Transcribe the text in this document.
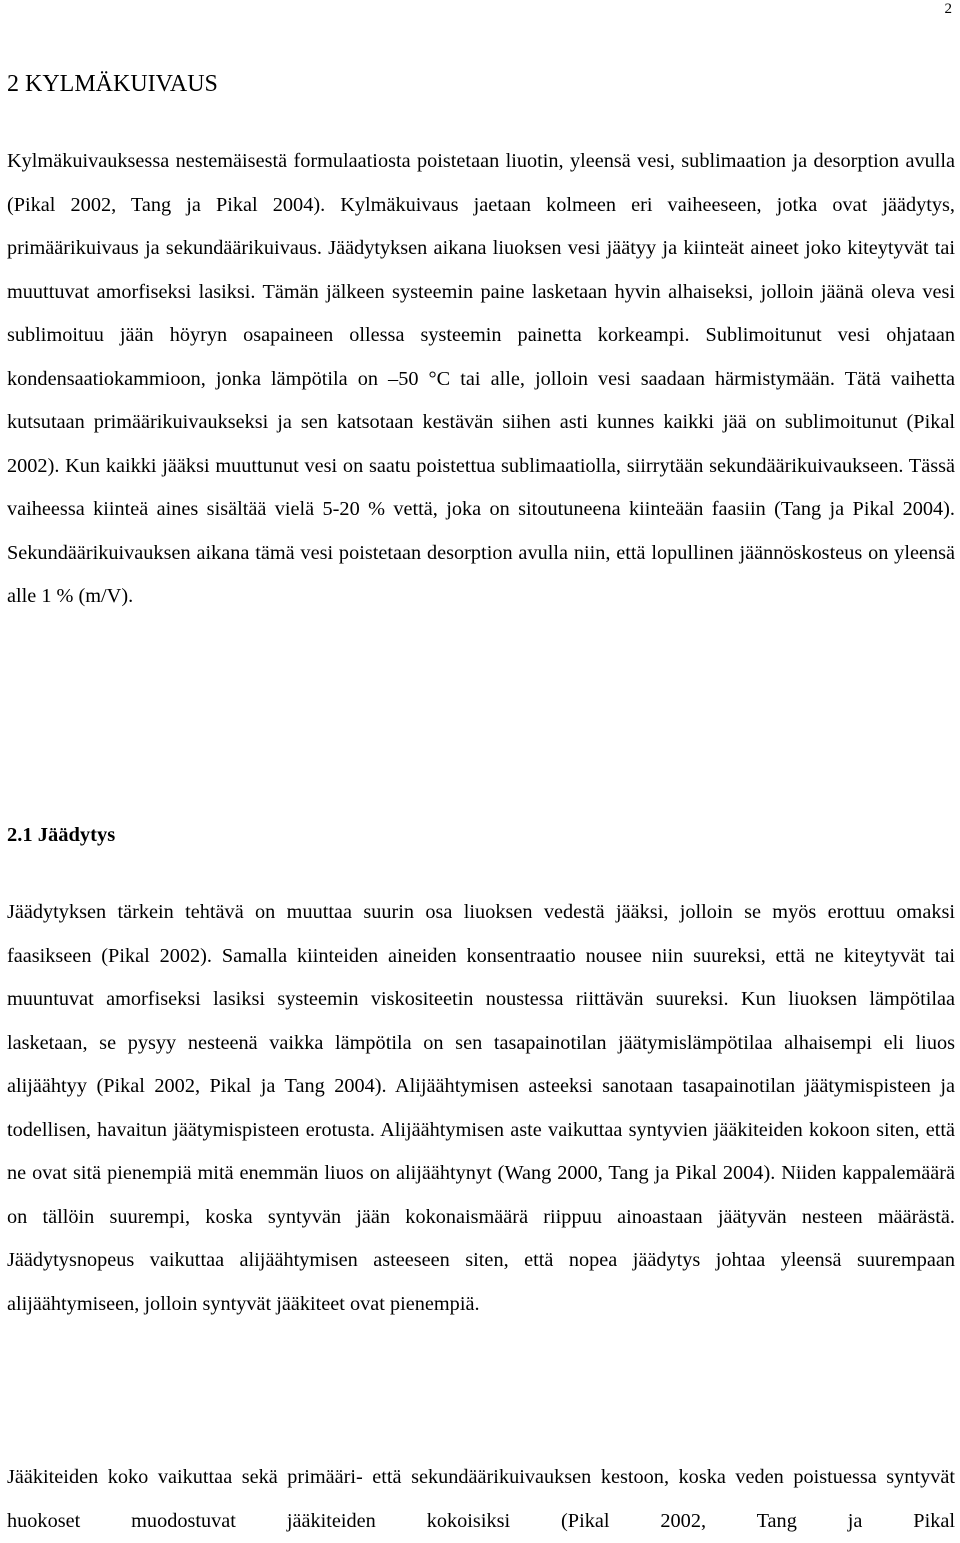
2
2 KYLMÄKUIVAUS

Kylmäkuivauksessa nestemäisestä formulaatiosta poistetaan liuotin, yleensä vesi, sublimaation ja desorption avulla (Pikal 2002, Tang ja Pikal 2004). Kylmäkuivaus jaetaan kolmeen eri vaiheeseen, jotka ovat jäädytys, primäärikuivaus ja sekundäärikuivaus. Jäädytyksen aikana liuoksen vesi jäätyy ja kiinteät aineet joko kiteytyvät tai muuttuvat amorfiseksi lasiksi. Tämän jälkeen systeemin paine lasketaan hyvin alhaiseksi, jolloin jäänä oleva vesi sublimoituu jään höyryn osapaineen ollessa systeemin painetta korkeampi. Sublimoitunut vesi ohjataan kondensaatiokammioon, jonka lämpötila on –50 °C tai alle, jolloin vesi saadaan härmistymään. Tätä vaihetta kutsutaan primäärikuivaukseksi ja sen katsotaan kestävän siihen asti kunnes kaikki jää on sublimoitunut (Pikal 2002). Kun kaikki jääksi muuttunut vesi on saatu poistettua sublimaatiolla, siirrytään sekundäärikuivaukseen. Tässä vaiheessa kiinteä aines sisältää vielä 5-20 % vettä, joka on sitoutuneena kiinteään faasiin (Tang ja Pikal 2004). Sekundäärikuivauksen aikana tämä vesi poistetaan desorption avulla niin, että lopullinen jäännöskosteus on yleensä alle 1 % (m/V).

2.1 Jäädytys

Jäädytyksen tärkein tehtävä on muuttaa suurin osa liuoksen vedestä jääksi, jolloin se myös erottuu omaksi faasikseen (Pikal 2002). Samalla kiinteiden aineiden konsentraatio nousee niin suureksi, että ne kiteytyvät tai muuntuvat amorfiseksi lasiksi systeemin viskositeetin noustessa riittävän suureksi. Kun liuoksen lämpötilaa lasketaan, se pysyy nesteenä vaikka lämpötila on sen tasapainotilan jäätymislämpötilaa alhaisempi eli liuos alijäähtyy (Pikal 2002, Pikal ja Tang 2004). Alijäähtymisen asteeksi sanotaan tasapainotilan jäätymispisteen ja todellisen, havaitun jäätymispisteen erotusta. Alijäähtymisen aste vaikuttaa syntyvien jääkiteiden kokoon siten, että ne ovat sitä pienempiä mitä enemmän liuos on alijäähtynyt (Wang 2000, Tang ja Pikal 2004). Niiden kappalemäärä on tällöin suurempi, koska syntyvän jään kokonaismäärä riippuu ainoastaan jäätyvän nesteen määrästä. Jäädytysnopeus vaikuttaa alijäähtymisen asteeseen siten, että nopea jäädytys johtaa yleensä suurempaan alijäähtymiseen, jolloin syntyvät jääkiteet ovat pienempiä.

Jääkiteiden koko vaikuttaa sekä primääri- että sekundäärikuivauksen kestoon, koska veden poistuessa syntyvät huokoset muodostuvat jääkiteiden kokoisiksi (Pikal 2002, Tang ja Pikal
